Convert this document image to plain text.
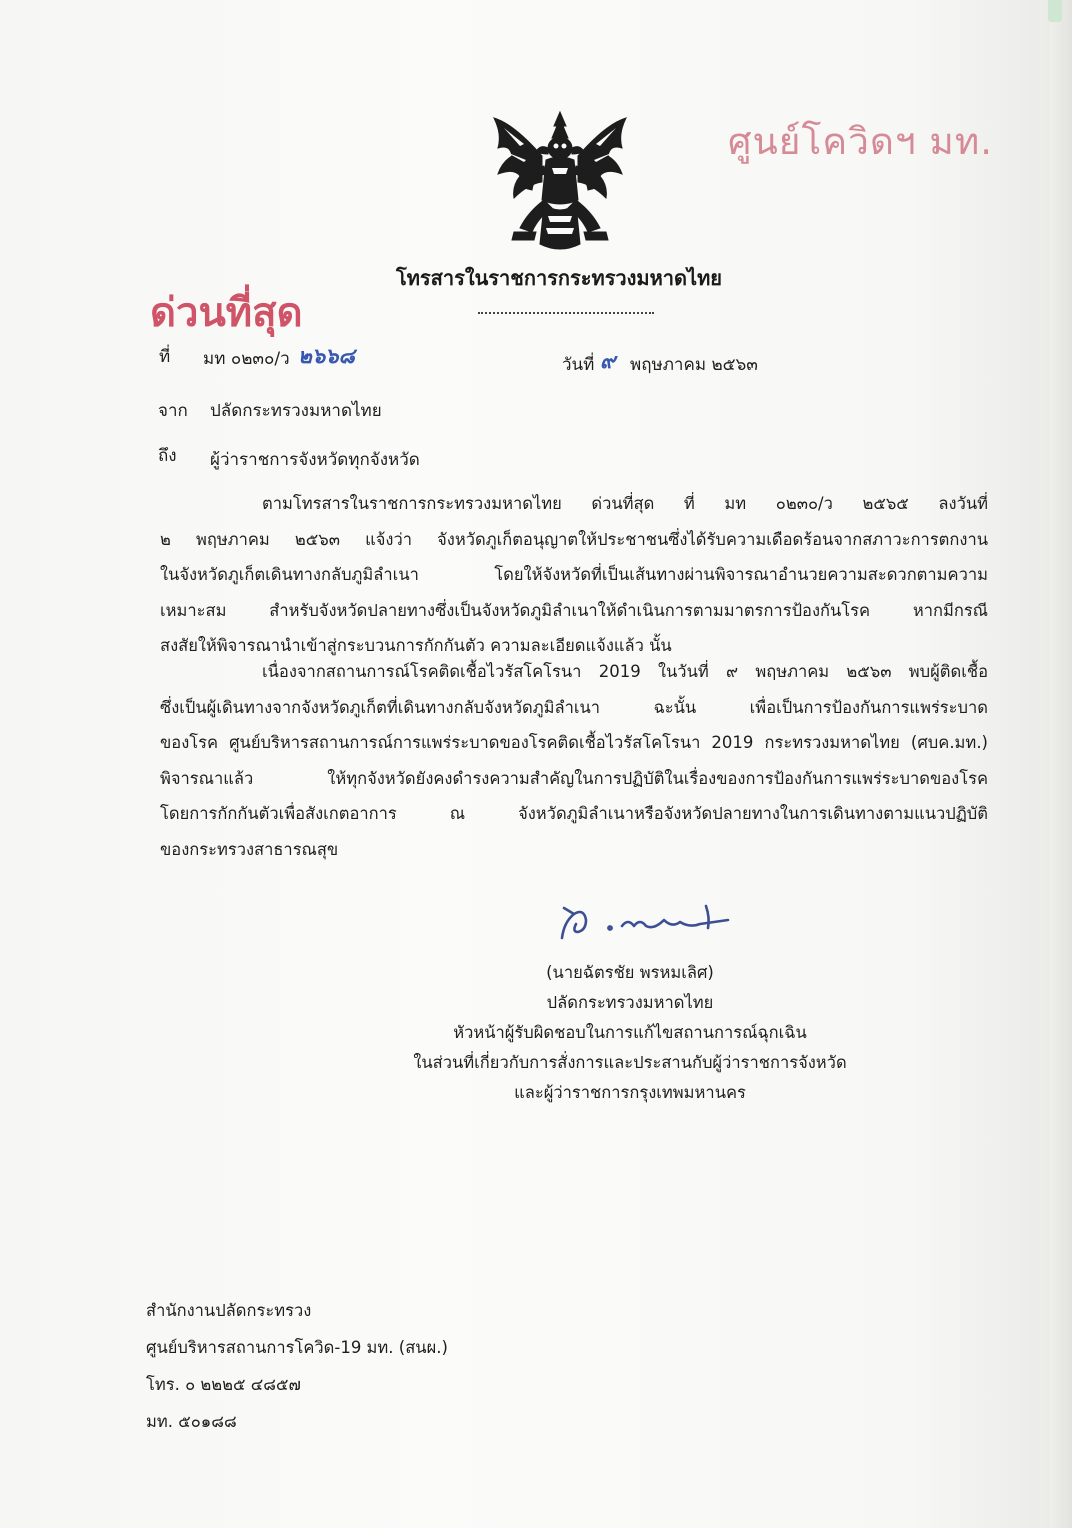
ศูนย์โควิดฯ มท.
โทรสารในราชการกระทรวงมหาดไทย
ด่วนที่สุด
ที่ มท ๐๒๓๐/ว ๒๖๖๘	วันที่ ๙ พฤษภาคม ๒๕๖๓
จาก ปลัดกระทรวงมหาดไทย
ถึง ผู้ว่าราชการจังหวัดทุกจังหวัด
ตามโทรสารในราชการกระทรวงมหาดไทย ด่วนที่สุด ที่ มท ๐๒๓๐/ว ๒๕๖๕ ลงวันที่
๒ พฤษภาคม ๒๕๖๓ แจ้งว่า จังหวัดภูเก็ตอนุญาตให้ประชาชนซึ่งได้รับความเดือดร้อนจากสภาวะการตกงาน
ในจังหวัดภูเก็ตเดินทางกลับภูมิลำเนา โดยให้จังหวัดที่เป็นเส้นทางผ่านพิจารณาอำนวยความสะดวกตามความ
เหมาะสม สำหรับจังหวัดปลายทางซึ่งเป็นจังหวัดภูมิลำเนาให้ดำเนินการตามมาตรการป้องกันโรค หากมีกรณี
สงสัยให้พิจารณานำเข้าสู่กระบวนการกักกันตัว ความละเอียดแจ้งแล้ว นั้น
เนื่องจากสถานการณ์โรคติดเชื้อไวรัสโคโรนา 2019 ในวันที่ ๙ พฤษภาคม ๒๕๖๓ พบผู้ติดเชื้อ
ซึ่งเป็นผู้เดินทางจากจังหวัดภูเก็ตที่เดินทางกลับจังหวัดภูมิลำเนา ฉะนั้น เพื่อเป็นการป้องกันการแพร่ระบาด
ของโรค ศูนย์บริหารสถานการณ์การแพร่ระบาดของโรคติดเชื้อไวรัสโคโรนา 2019 กระทรวงมหาดไทย (ศบค.มท.)
พิจารณาแล้ว ให้ทุกจังหวัดยังคงดำรงความสำคัญในการปฏิบัติในเรื่องของการป้องกันการแพร่ระบาดของโรค
โดยการกักกันตัวเพื่อสังเกตอาการ ณ จังหวัดภูมิลำเนาหรือจังหวัดปลายทางในการเดินทางตามแนวปฏิบัติ
ของกระทรวงสาธารณสุข
(นายฉัตรชัย พรหมเลิศ)
ปลัดกระทรวงมหาดไทย
หัวหน้าผู้รับผิดชอบในการแก้ไขสถานการณ์ฉุกเฉิน
ในส่วนที่เกี่ยวกับการสั่งการและประสานกับผู้ว่าราชการจังหวัด
และผู้ว่าราชการกรุงเทพมหานคร
สำนักงานปลัดกระทรวง
ศูนย์บริหารสถานการโควิด-19 มท. (สนผ.)
โทร. ๐ ๒๒๒๕ ๔๘๕๗
มท. ๕๐๑๘๘
